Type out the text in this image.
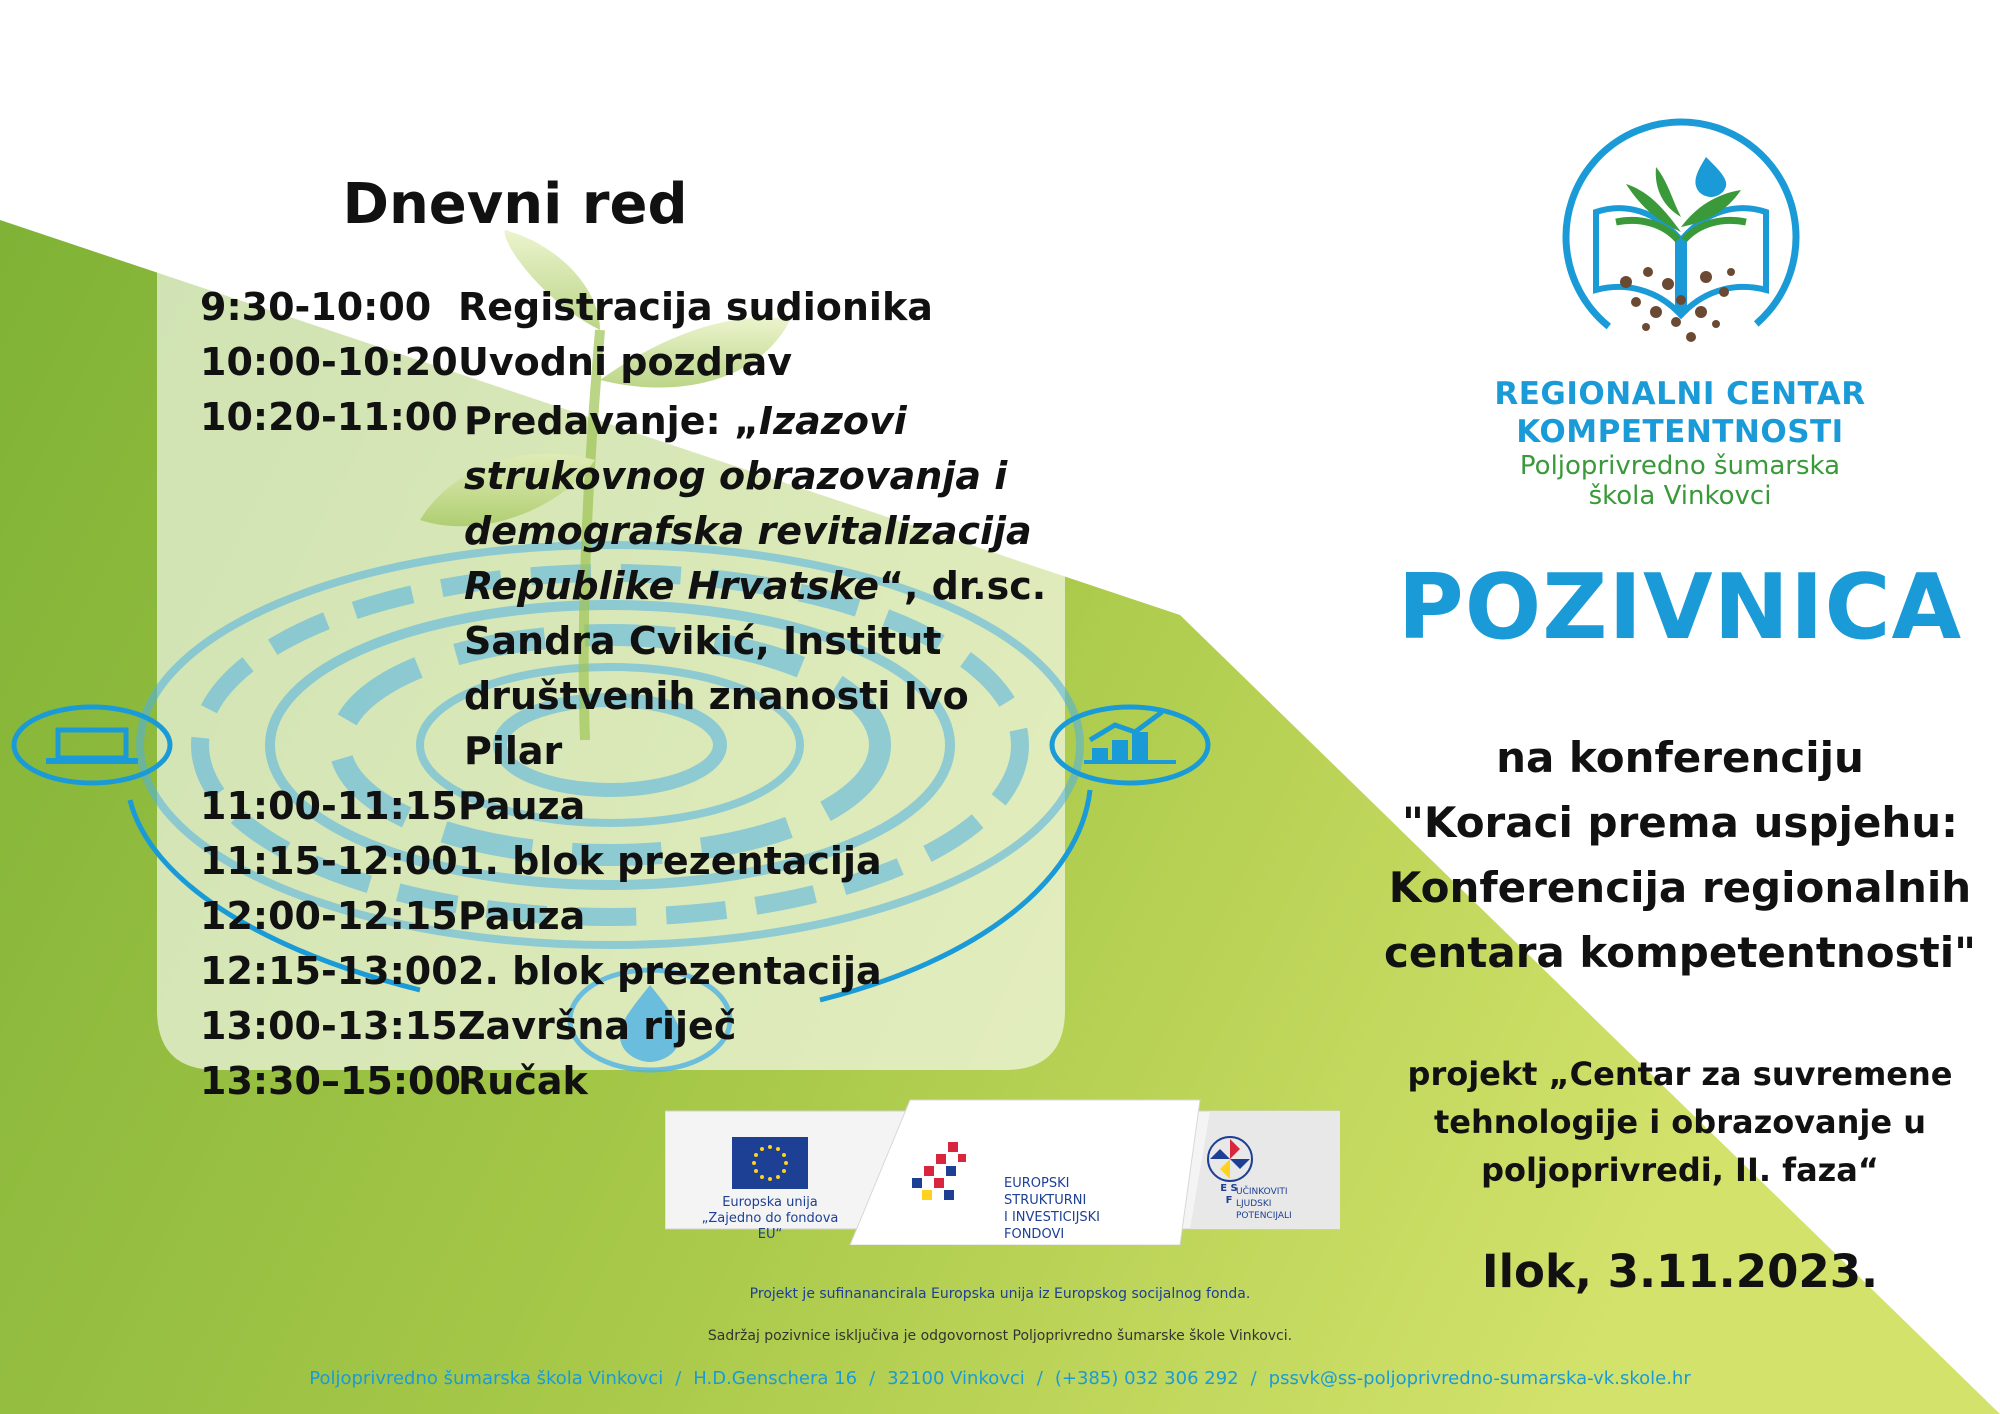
Dnevni red
9:30-10:00 Registracija sudionika
10:00-10:20 Uvodni pozdrav
10:20-11:00 Predavanje: „Izazovi strukovnog obrazovanja i demografska revitalizacija Republike Hrvatske“, dr.sc. Sandra Cvikić, Institut društvenih znanosti Ivo Pilar
11:00-11:15 Pauza
11:15-12:00 1. blok prezentacija
12:00-12:15 Pauza
12:15-13:00 2. blok prezentacija
13:00-13:15 Završna riječ
13:30–15:00
Ručak
REGIONALNI CENTAR
KOMPETENTNOSTI
Poljoprivredno šumarska
škola Vinkovci
POZIVNICA
na konferenciju
"Koraci prema uspjehu:
Konferencija regionalnih
centara kompetentnosti"
projekt „Centar za suvremene
tehnologije i obrazovanje u
poljoprivredi, II. faza“
Ilok, 3.11.2023.
Europska unija
„Zajedno do fondova EU“
EUROPSKI STRUKTURNI
I INVESTICIJSKI FONDOVI
E S F
UČINKOVITI
LJUDSKI
POTENCIJALI
Projekt je sufinanancirala Europska unija iz Europskog socijalnog fonda.
Sadržaj pozivnice isključiva je odgovornost Poljoprivredno šumarske škole Vinkovci.
Poljoprivredno šumarska škola Vinkovci / H.D.Genschera 16 / 32100 Vinkovci / (+385) 032 306 292 / pssvk@ss-poljoprivredno-sumarska-vk.skole.hr
